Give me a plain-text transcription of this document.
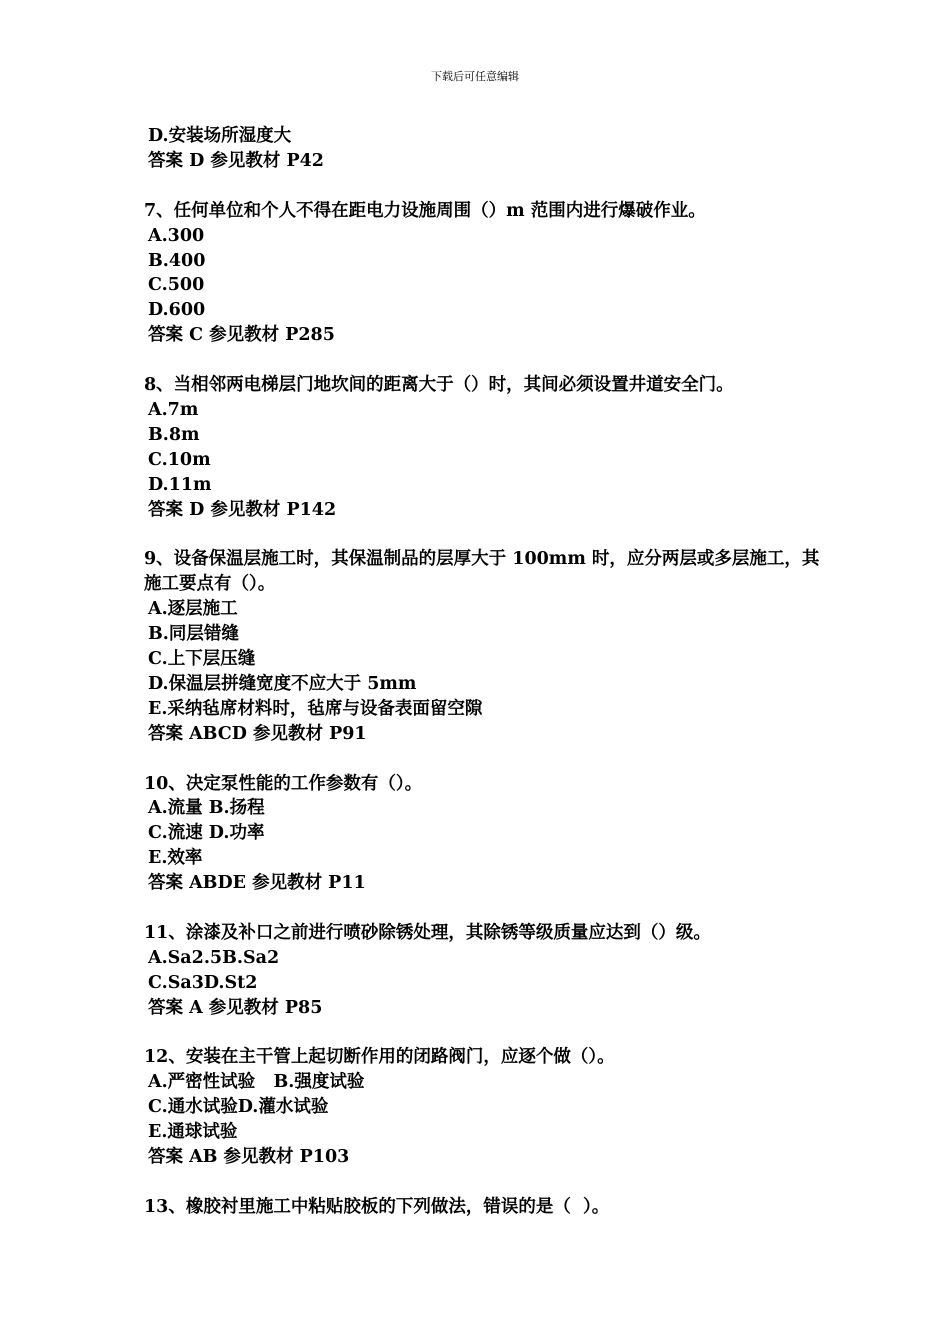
下载后可任意编辑
D.安装场所湿度大
答案 D 参见教材 P42
7、任何单位和个人不得在距电力设施周围（）m 范围内进行爆破作业。
A.300
B.400
C.500
D.600
答案 C 参见教材 P285
8、当相邻两电梯层门地坎间的距离大于（）时，其间必须设置井道安全门。
A.7m
B.8m
C.10m
D.11m
答案 D 参见教材 P142
9、设备保温层施工时，其保温制品的层厚大于 100mm 时，应分两层或多层施工，其施工要点有（）。
A.逐层施工
B.同层错缝
C.上下层压缝
D.保温层拼缝宽度不应大于 5mm
E.采纳毡席材料时，毡席与设备表面留空隙
答案 ABCD 参见教材 P91
10、决定泵性能的工作参数有（）。
A.流量 B.扬程
C.流速 D.功率
E.效率
答案 ABDE 参见教材 P11
11、涂漆及补口之前进行喷砂除锈处理，其除锈等级质量应达到（）级。
A.Sa2.5B.Sa2
C.Sa3D.St2
答案 A 参见教材 P85
12、安装在主干管上起切断作用的闭路阀门，应逐个做（）。
A.严密性试验   B.强度试验
C.通水试验D.灌水试验
E.通球试验
答案 AB 参见教材 P103
13、橡胶衬里施工中粘贴胶板的下列做法，错误的是（  ）。
